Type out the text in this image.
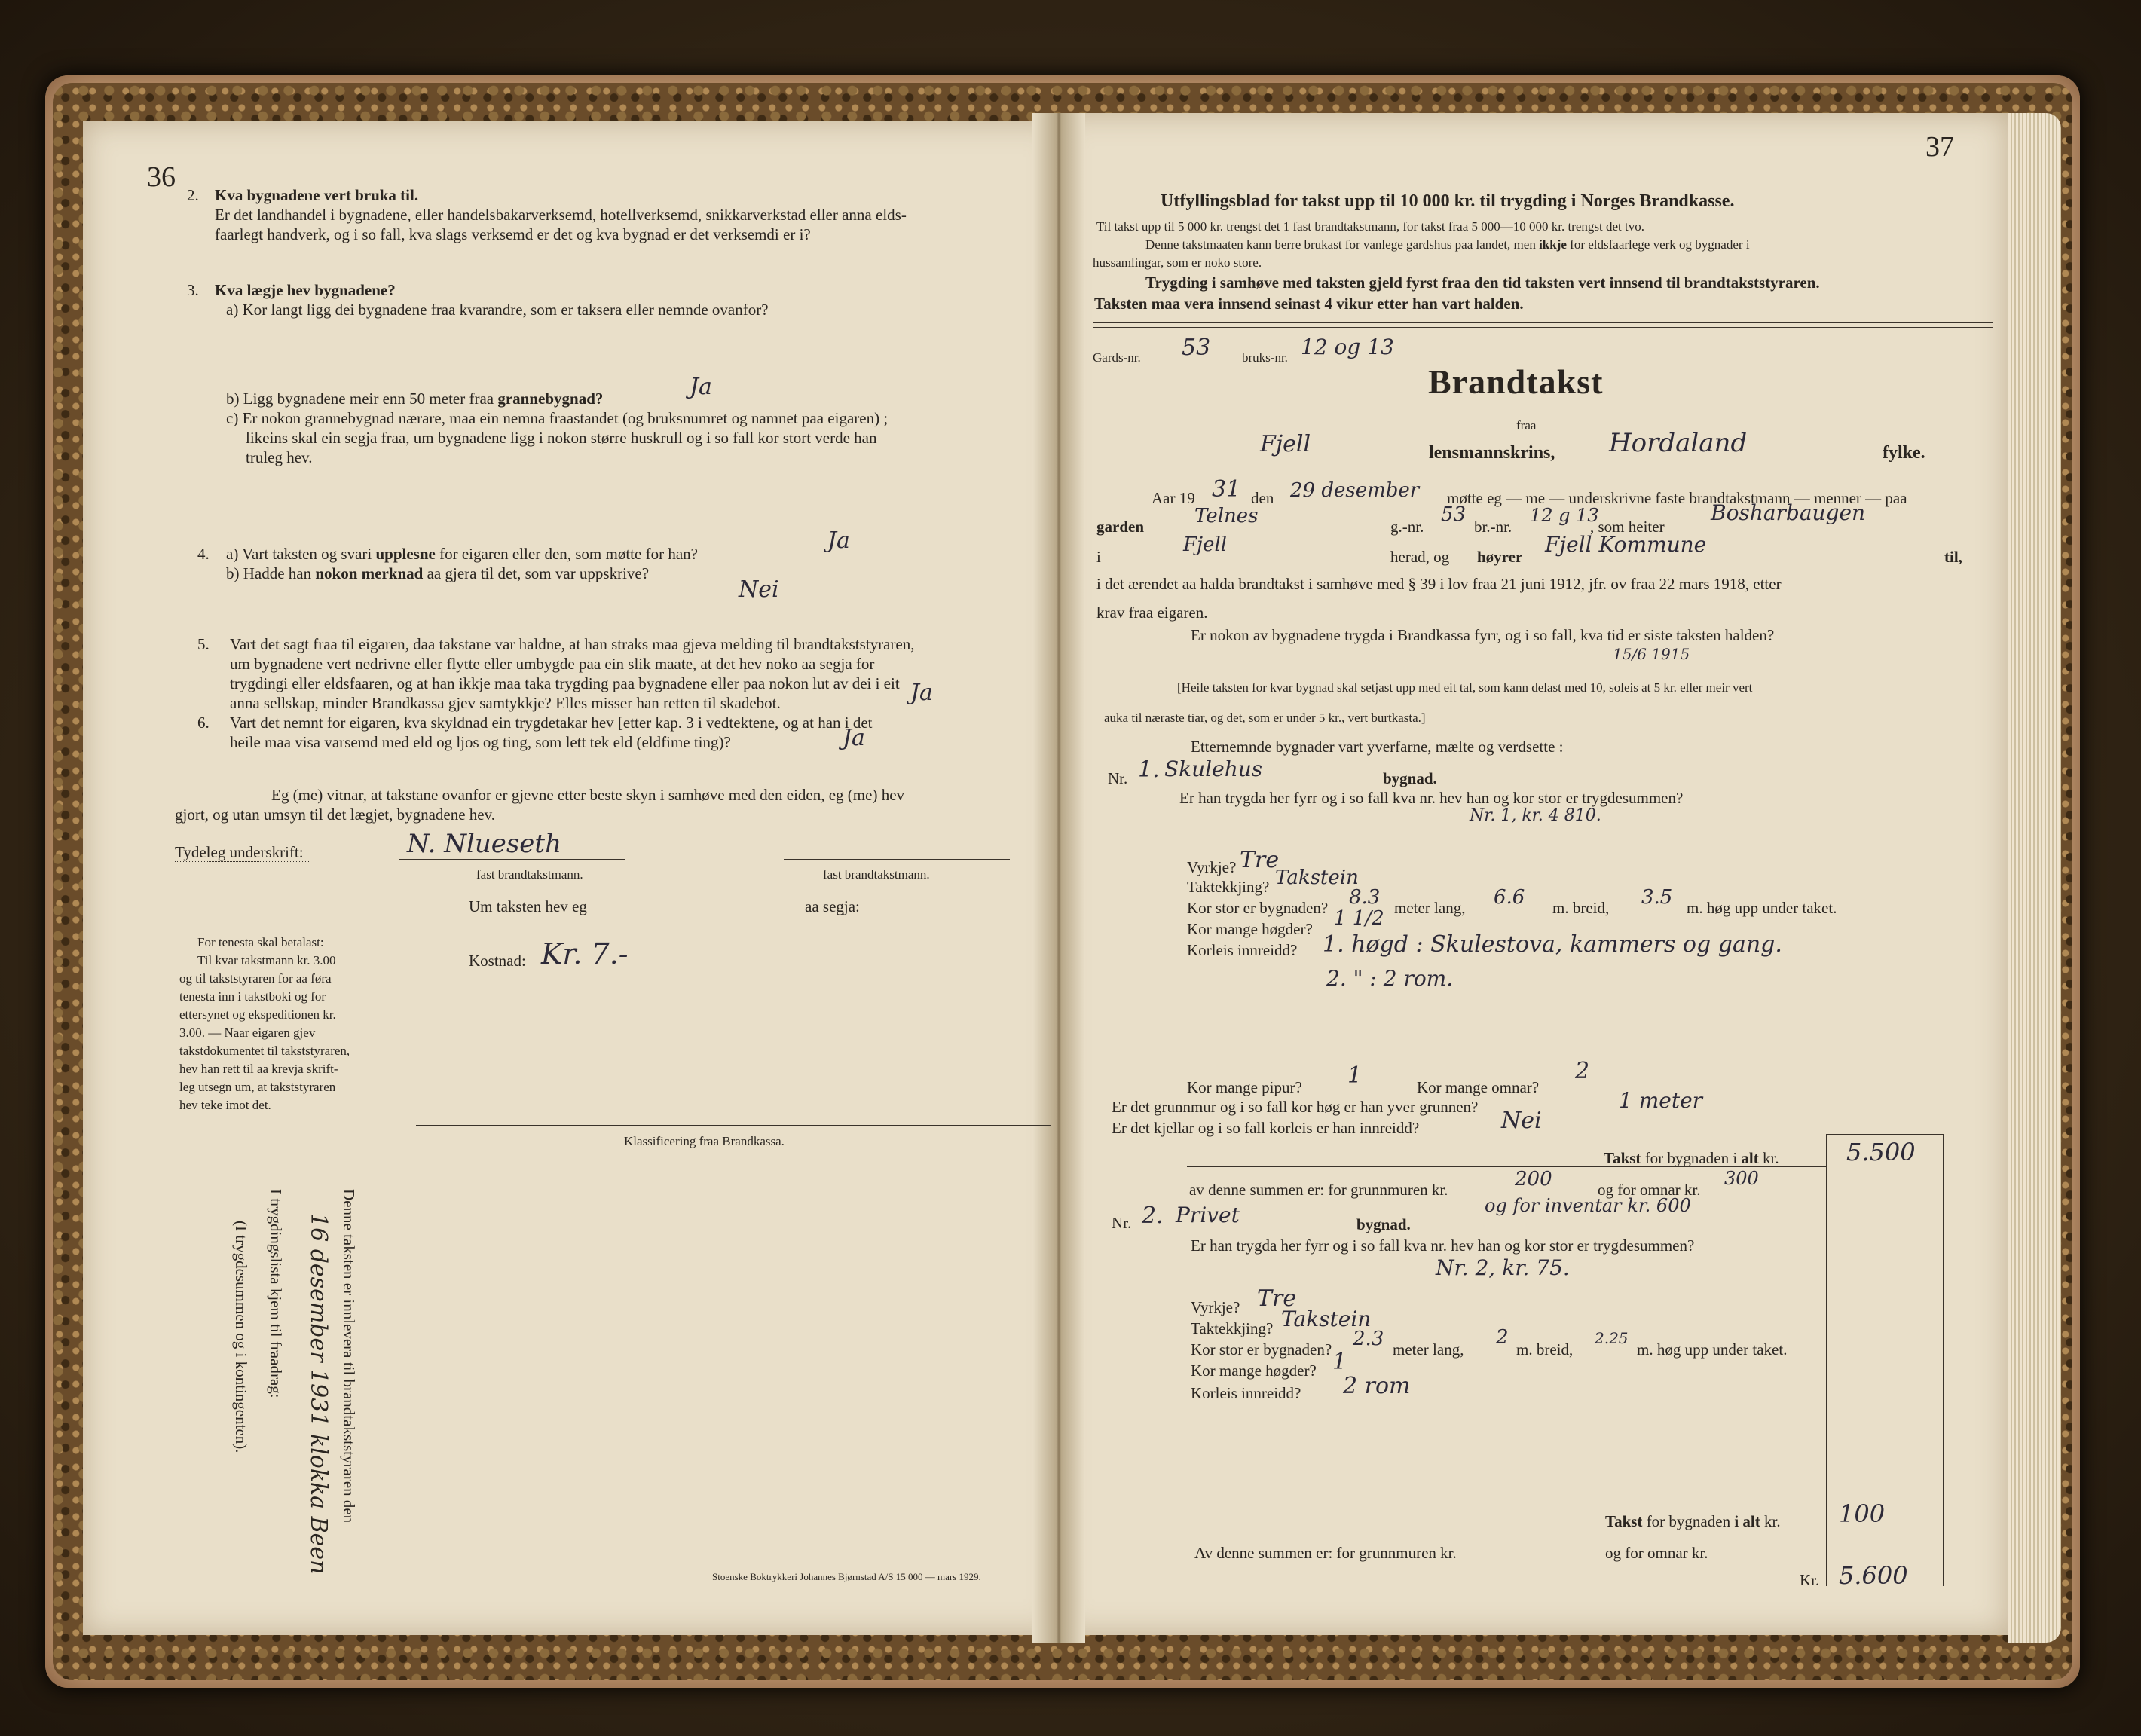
36
2. Kva bygnadene vert bruka til.
Er det landhandel i bygnadene, eller handelsbakarverksemd, hotellverksemd, snikkarverkstad eller anna elds-
faarlegt handverk, og i so fall, kva slags verksemd er det og kva bygnad er det verksemdi er i?
3. Kva lægje hev bygnadene?
a) Kor langt ligg dei bygnadene fraa kvarandre, som er taksera eller nemnde ovanfor?
b) Ligg bygnadene meir enn 50 meter fraa grannebygnad?	Ja
c) Er nokon grannebygnad nærare, maa ein nemna fraastandet (og bruksnumret og namnet paa eigaren) ;
likeins skal ein segja fraa, um bygnadene ligg i nokon større huskrull og i so fall kor stort verde han
truleg hev.
4. a) Vart taksten og svari upplesne for eigaren eller den, som møtte for han?	Ja
b) Hadde han nokon merknad aa gjera til det, som var uppskrive?
Nei
5. Vart det sagt fraa til eigaren, daa takstane var haldne, at han straks maa gjeva melding til brandtakststyraren,
um bygnadene vert nedrivne eller flytte eller umbygde paa ein slik maate, at det hev noko aa segja for
trygdingi eller eldsfaaren, og at han ikkje maa taka trygding paa bygnadene eller paa nokon lut av dei i eit
anna sellskap, minder Brandkassa gjev samtykkje? Elles misser han retten til skadebot.	Ja
6. Vart det nemnt for eigaren, kva skyldnad ein trygdetakar hev [etter kap. 3 i vedtektene, og at han i det
heile maa visa varsemd med eld og ljos og ting, som lett tek eld (eldfime ting)?	Ja
Eg (me) vitnar, at takstane ovanfor er gjevne etter beste skyn i samhøve med den eiden, eg (me) hev
gjort, og utan umsyn til det lægjet, bygnadene hev.
Tydeleg underskrift:	N. Nlueseth
fast brandtakstmann.	fast brandtakstmann.
Um taksten hev eg	aa segja:
Kostnad: Kr. 7.-
For tenesta skal betalast:
Til kvar takstmann kr. 3.00
og til takststyraren for aa føra
tenesta inn i takstboki og for
ettersynet og ekspeditionen kr.
3.00. — Naar eigaren gjev
takstdokumentet til takststyraren,
hev han rett til aa krevja skrift-
leg utsegn um, at takststyraren
hev teke imot det.
Klassificering fraa Brandkassa.
Denne taksten er innlevera til brandtakststyraren den
16 desember 1931 klokka Been
I trygdingslista kjem til fraadrag:
(I trygdesummen og i kontingenten).
Stoenske Boktrykkeri Johannes Bjørnstad A/S 15 000 — mars 1929.
37
Utfyllingsblad for takst upp til 10 000 kr. til trygding i Norges Brandkasse.
Til takst upp til 5 000 kr. trengst det 1 fast brandtakstmann, for takst fraa 5 000—10 000 kr. trengst det tvo.
Denne takstmaaten kann berre brukast for vanlege gardshus paa landet, men ikkje for eldsfaarlege verk og bygnader i
hussamlingar, som er noko store.
Trygding i samhøve med taksten gjeld fyrst fraa den tid taksten vert innsend til brandtakststyraren.
Taksten maa vera innsend seinast 4 vikur etter han vart halden.
Gards-nr. 53 bruks-nr. 12 og 13
Brandtakst
fraa
Fjell	lensmannskrins, Hordaland	fylke.
Aar 19 31 den 29 desember møtte eg — me — underskrivne faste brandtakstmann — menner — paa
garden	Telnes	g.-nr.
53
br.-nr.
12 g 13
, som heiter
Bosharbaugen
i
Fjell
herad, og høyrer Fjell Kommune	til,
i det ærendet aa halda brandtakst i samhøve med § 39 i lov fraa 21 juni 1912, jfr. ov fraa 22 mars 1918, etter
krav fraa eigaren.
Er nokon av bygnadene trygda i Brandkassa fyrr, og i so fall, kva tid er siste taksten halden?
15/6 1915
[Heile taksten for kvar bygnad skal setjast upp med eit tal, som kann delast med 10, soleis at 5 kr. eller meir vert
auka til næraste tiar, og det, som er under 5 kr., vert burtkasta.]
Etternemnde bygnader vart yverfarne, mælte og verdsette :
Nr. 1. Skulehus	bygnad.
Er han trygda her fyrr og i so fall kva nr. hev han og kor stor er trygdesummen?
Nr. 1, kr. 4 810.
Vyrkje? Tre
Taktekkjing? Takstein
Kor stor er bygnaden? 8.3 meter lang, 6.6 m. breid, 3.5 m. høg upp under taket.
Kor mange høgder? 1 1/2
Korleis innreidd? 1. høgd : Skulestova, kammers og gang.
2. " : 2 rom.
Kor mange pipur? 1	Kor mange omnar?
2
Er det grunnmur og i so fall kor høg er han yver grunnen?	1 meter
Er det kjellar og i so fall korleis er han innreidd?	Nei
Takst for bygnaden i alt kr.	5.500
av denne summen er: for grunnmuren kr.	200	og for omnar kr.
300
og for inventar kr. 600
Nr. 2. Privet	bygnad.
Er han trygda her fyrr og i so fall kva nr. hev han og kor stor er trygdesummen?
Nr. 2, kr. 75.
Vyrkje? Tre
Taktekkjing? Takstein
Kor stor er bygnaden? 2.3 meter lang,
2
m. breid,
2.25
m. høg upp under taket.
Kor mange høgder? 1
Korleis innreidd? 2 rom
Takst for bygnaden i alt kr. 100
Av denne summen er: for grunnmuren kr.	og for omnar kr.
Kr. 5.600
